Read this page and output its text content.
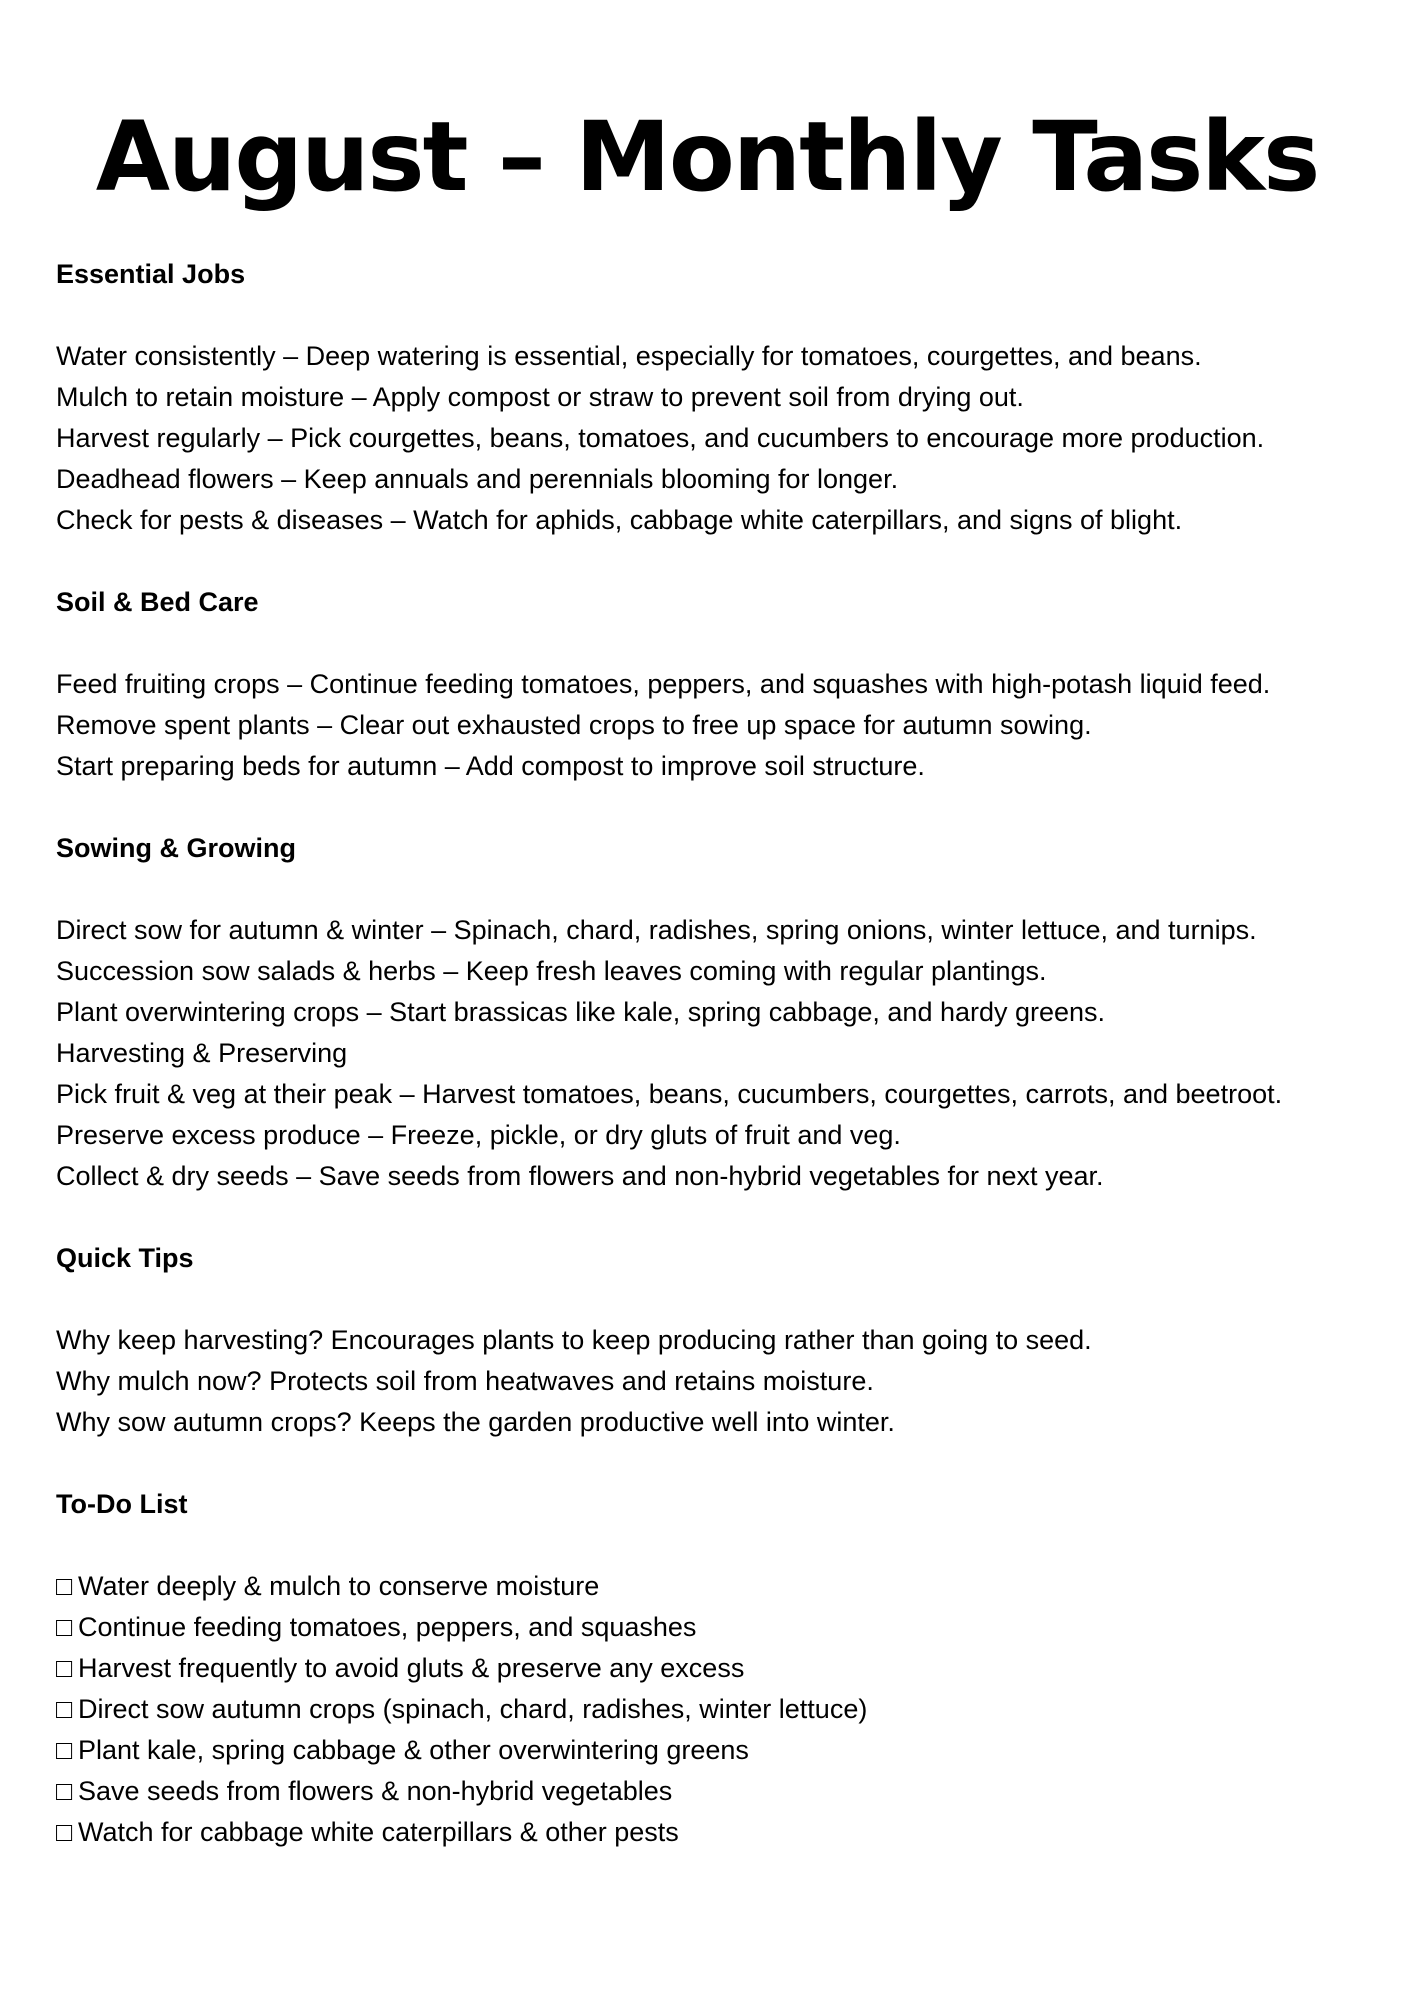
August – Monthly Tasks
Essential Jobs

Water consistently – Deep watering is essential, especially for tomatoes, courgettes, and beans.

Mulch to retain moisture – Apply compost or straw to prevent soil from drying out.

Harvest regularly – Pick courgettes, beans, tomatoes, and cucumbers to encourage more production.

Deadhead flowers – Keep annuals and perennials blooming for longer.

Check for pests & diseases – Watch for aphids, cabbage white caterpillars, and signs of blight.

Soil & Bed Care

Feed fruiting crops – Continue feeding tomatoes, peppers, and squashes with high-potash liquid feed.

Remove spent plants – Clear out exhausted crops to free up space for autumn sowing.

Start preparing beds for autumn – Add compost to improve soil structure.

Sowing & Growing

Direct sow for autumn & winter – Spinach, chard, radishes, spring onions, winter lettuce, and turnips.

Succession sow salads & herbs – Keep fresh leaves coming with regular plantings.

Plant overwintering crops – Start brassicas like kale, spring cabbage, and hardy greens.

Harvesting & Preserving

Pick fruit & veg at their peak – Harvest tomatoes, beans, cucumbers, courgettes, carrots, and beetroot.

Preserve excess produce – Freeze, pickle, or dry gluts of fruit and veg.

Collect & dry seeds – Save seeds from flowers and non-hybrid vegetables for next year.

Quick Tips

Why keep harvesting? Encourages plants to keep producing rather than going to seed.

Why mulch now? Protects soil from heatwaves and retains moisture.

Why sow autumn crops? Keeps the garden productive well into winter.

To-Do List

□ Water deeply & mulch to conserve moisture

□ Continue feeding tomatoes, peppers, and squashes

□ Harvest frequently to avoid gluts & preserve any excess

□ Direct sow autumn crops (spinach, chard, radishes, winter lettuce)

□ Plant kale, spring cabbage & other overwintering greens

□ Save seeds from flowers & non-hybrid vegetables

□ Watch for cabbage white caterpillars & other pests
